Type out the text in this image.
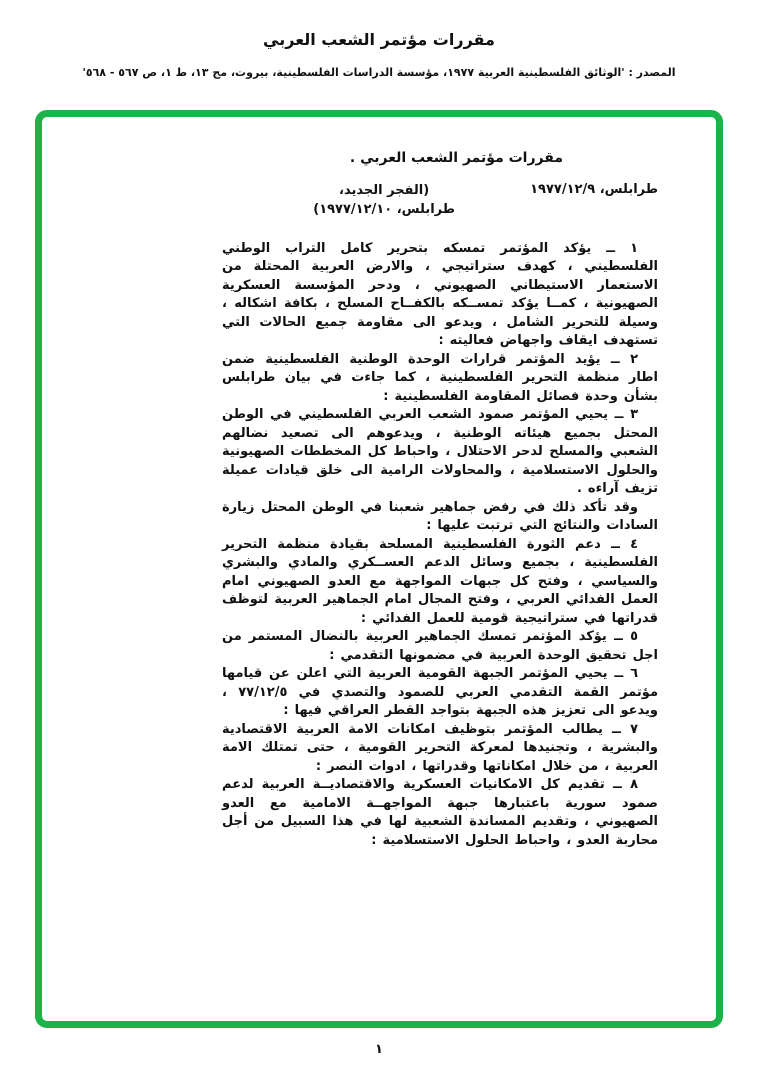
مقررات مؤتمر الشعب العربي
المصدر : 'الوثائق الفلسطينية العربية ١٩٧٧، مؤسسة الدراسات الفلسطينية، بيروت، مج ١٣، ط ١، ص ٥٦٧ - ٥٦٨'
مقررات مؤتمر الشعب العربي .
طرابلس، ١٩٧٧/١٢/٩
(الفجر الجديد، طرابلس، ١٩٧٧/١٢/١٠)

١ ــ يؤكد المؤتمر تمسكه بتحرير كامل التراب الوطني الفلسطيني ، كهدف ستراتيجي ، والارض العربية المحتلة من الاستعمار الاستيطاني الصهيوني ، ودحر المؤسسة العسكرية الصهيونية ، كمــا يؤكد تمســكه بالكفــاح المسلح ، بكافة اشكاله ، وسيلة للتحرير الشامل ، ويدعو الى مقاومة جميع الحالات التي تستهدف ايقاف واجهاض فعاليته :

٢ ــ يؤيد المؤتمر قرارات الوحدة الوطنية الفلسطينية ضمن اطار منظمة التحرير الفلسطينية ، كما جاءت في بيان طرابلس بشأن وحدة فصائل المقاومة الفلسطينية :

٣ ــ يحيي المؤتمر صمود الشعب العربي الفلسطيني في الوطن المحتل بجميع هيئاته الوطنية ، ويدعوهم الى تصعيد نضالهم الشعبي والمسلح لدحر الاحتلال ، واحباط كل المخططات الصهيونية والحلول الاستسلامية ، والمحاولات الرامية الى خلق قيادات عميلة تزيف آراءه .

وقد تأكد ذلك في رفض جماهير شعبنا في الوطن المحتل زيارة السادات والنتائج التي ترتبت عليها :

٤ ــ دعم الثورة الفلسطينية المسلحة بقيادة منظمة التحرير الفلسطينية ، بجميع وسائل الدعم العســكري والمادي والبشري والسياسي ، وفتح كل جبهات المواجهة مع العدو الصهيوني امام العمل الفدائي العربي ، وفتح المجال امام الجماهير العربية لتوظف قدراتها في ستراتيجية قومية للعمل الفدائي :

٥ ــ يؤكد المؤتمر تمسك الجماهير العربية بالنضال المستمر من اجل تحقيق الوحدة العربية في مضمونها التقدمي :

٦ ــ يحيي المؤتمر الجبهة القومية العربية التي اعلن عن قيامها مؤتمر القمة التقدمي العربي للصمود والتصدي في ٧٧/١٢/٥ ، ويدعو الى تعزيز هذه الجبهة بتواجد القطر العراقي فيها :

٧ ــ يطالب المؤتمر بتوظيف امكانات الامة العربية الاقتصادية والبشرية ، وتجنيدها لمعركة التحرير القومية ، حتى تمتلك الامة العربية ، من خلال امكاناتها وقدراتها ، ادوات النصر :

٨ ــ تقديم كل الامكانيات العسكرية والاقتصاديــة العربية لدعم صمود سورية باعتبارها جبهة المواجهــة الامامية مع العدو الصهيوني ، وتقديم المساندة الشعبية لها في هذا السبيل من أجل محاربة العدو ، واحباط الحلول الاستسلامية :

١
